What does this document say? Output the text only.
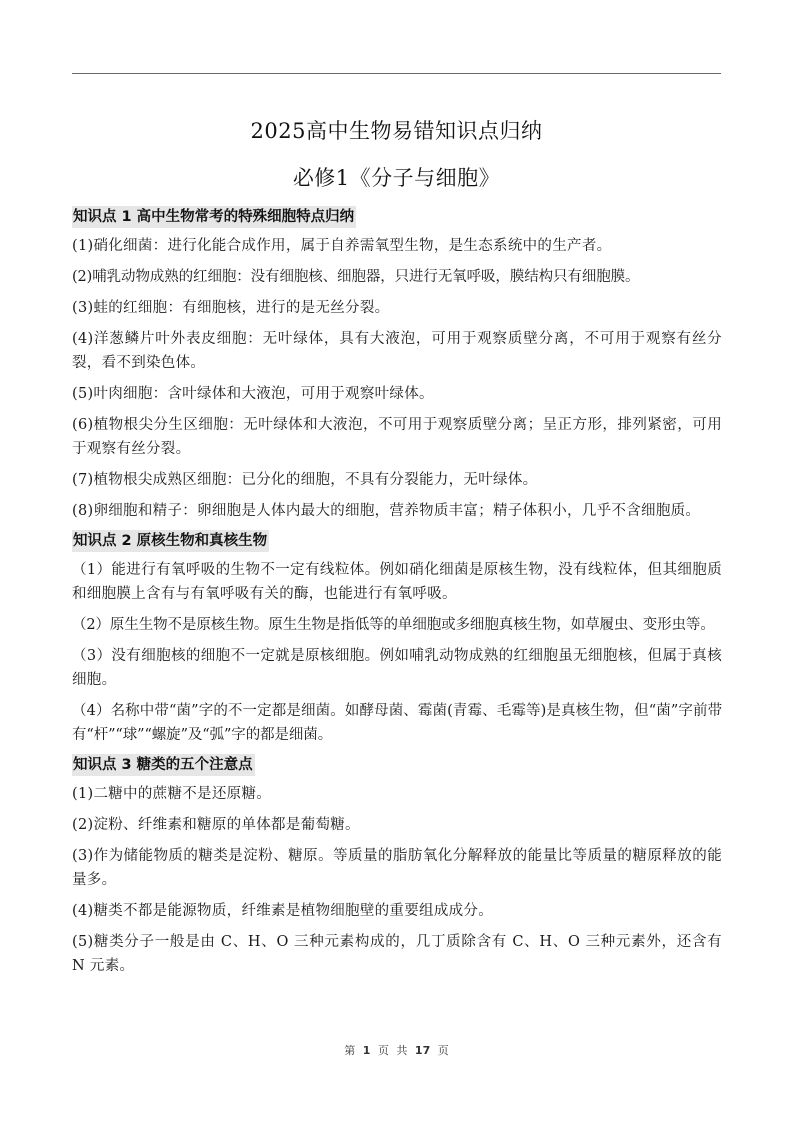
2025高中生物易错知识点归纳
必修1《分子与细胞》
知识点 1 高中生物常考的特殊细胞特点归纳

(1)硝化细菌：进行化能合成作用，属于自养需氧型生物，是生态系统中的生产者。

(2)哺乳动物成熟的红细胞：没有细胞核、细胞器，只进行无氧呼吸，膜结构只有细胞膜。

(3)蛙的红细胞：有细胞核，进行的是无丝分裂。

(4)洋葱鳞片叶外表皮细胞：无叶绿体，具有大液泡，可用于观察质壁分离，不可用于观察有丝分裂，看不到染色体。

(5)叶肉细胞：含叶绿体和大液泡，可用于观察叶绿体。

(6)植物根尖分生区细胞：无叶绿体和大液泡，不可用于观察质壁分离；呈正方形，排列紧密，可用于观察有丝分裂。

(7)植物根尖成熟区细胞：已分化的细胞，不具有分裂能力，无叶绿体。

(8)卵细胞和精子：卵细胞是人体内最大的细胞，营养物质丰富；精子体积小，几乎不含细胞质。

知识点 2 原核生物和真核生物

（1）能进行有氧呼吸的生物不一定有线粒体。例如硝化细菌是原核生物，没有线粒体，但其细胞质和细胞膜上含有与有氧呼吸有关的酶，也能进行有氧呼吸。

（2）原生生物不是原核生物。原生生物是指低等的单细胞或多细胞真核生物，如草履虫、变形虫等。

（3）没有细胞核的细胞不一定就是原核细胞。例如哺乳动物成熟的红细胞虽无细胞核，但属于真核细胞。

（4）名称中带“菌”字的不一定都是细菌。如酵母菌、霉菌(青霉、毛霉等)是真核生物，但“菌”字前带有“杆”“球”“螺旋”及“弧”字的都是细菌。

知识点 3 糖类的五个注意点

(1)二糖中的蔗糖不是还原糖。

(2)淀粉、纤维素和糖原的单体都是葡萄糖。

(3)作为储能物质的糖类是淀粉、糖原。等质量的脂肪氧化分解释放的能量比等质量的糖原释放的能量多。

(4)糖类不都是能源物质，纤维素是植物细胞壁的重要组成成分。

(5)糖类分子一般是由 C、H、O 三种元素构成的，几丁质除含有 C、H、O 三种元素外，还含有 N 元素。

第 1 页 共 17 页
